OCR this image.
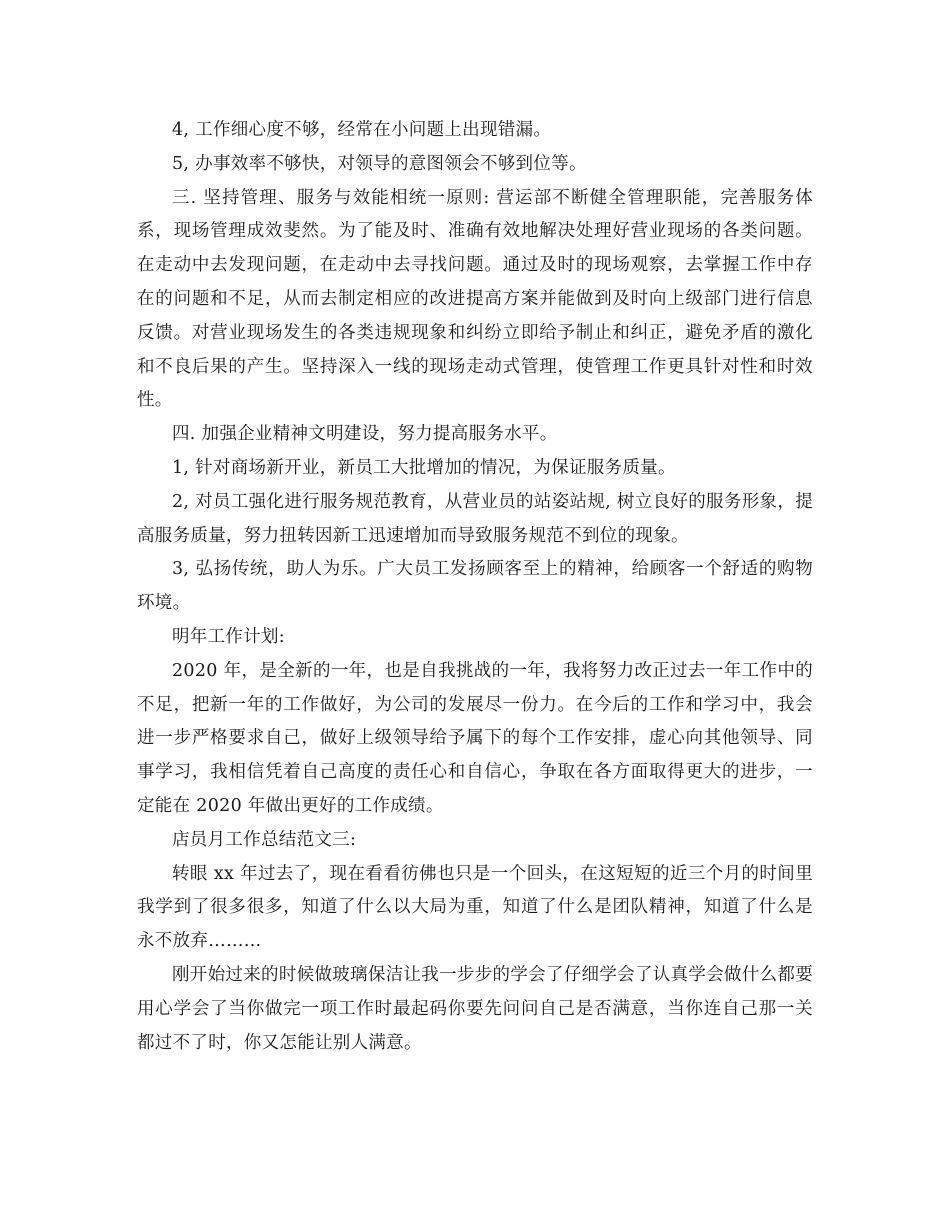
4, 工作细心度不够，经常在小问题上出现错漏。

5, 办事效率不够快，对领导的意图领会不够到位等。

三. 坚持管理、服务与效能相统一原则: 营运部不断健全管理职能，完善服务体系，现场管理成效斐然。为了能及时、准确有效地解决处理好营业现场的各类问题。在走动中去发现问题，在走动中去寻找问题。通过及时的现场观察，去掌握工作中存在的问题和不足，从而去制定相应的改进提高方案并能做到及时向上级部门进行信息反馈。对营业现场发生的各类违规现象和纠纷立即给予制止和纠正，避免矛盾的激化和不良后果的产生。坚持深入一线的现场走动式管理，使管理工作更具针对性和时效性。

四. 加强企业精神文明建设，努力提高服务水平。

1, 针对商场新开业，新员工大批增加的情况，为保证服务质量。

2, 对员工强化进行服务规范教育，从营业员的站姿站规, 树立良好的服务形象，提高服务质量，努力扭转因新工迅速增加而导致服务规范不到位的现象。

3, 弘扬传统，助人为乐。广大员工发扬顾客至上的精神，给顾客一个舒适的购物环境。

明年工作计划:

2020 年，是全新的一年，也是自我挑战的一年，我将努力改正过去一年工作中的不足，把新一年的工作做好，为公司的发展尽一份力。在今后的工作和学习中，我会进一步严格要求自己，做好上级领导给予属下的每个工作安排，虚心向其他领导、同事学习，我相信凭着自己高度的责任心和自信心，争取在各方面取得更大的进步，一定能在 2020 年做出更好的工作成绩。

店员月工作总结范文三:

转眼 xx 年过去了，现在看看彷佛也只是一个回头，在这短短的近三个月的时间里我学到了很多很多，知道了什么以大局为重，知道了什么是团队精神，知道了什么是永不放弃………

刚开始过来的时候做玻璃保洁让我一步步的学会了仔细学会了认真学会做什么都要用心学会了当你做完一项工作时最起码你要先问问自己是否满意，当你连自己那一关都过不了时，你又怎能让别人满意。
